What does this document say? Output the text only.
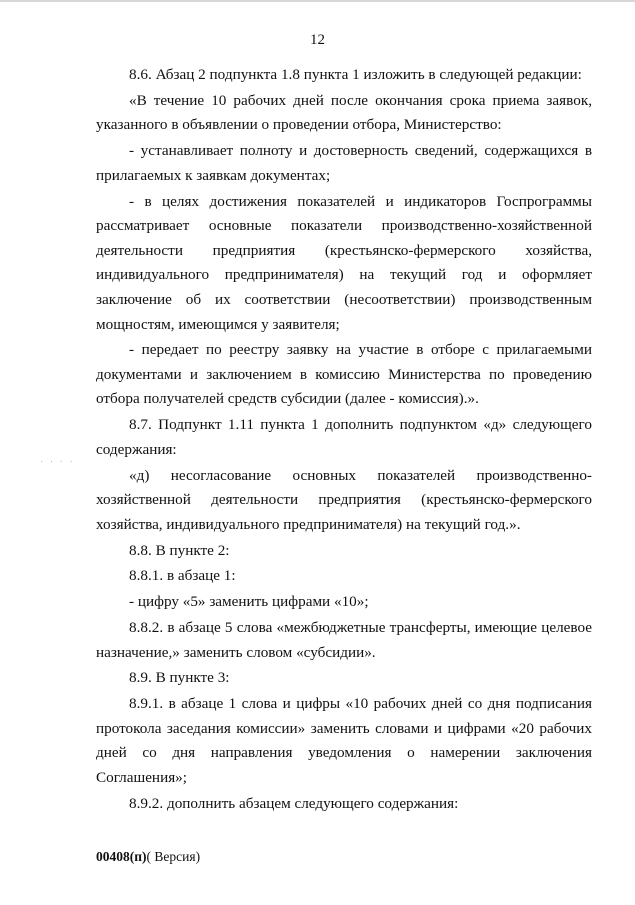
12
· · · ·

8.6. Абзац 2 подпункта 1.8 пункта 1 изложить в следующей редакции:

«В течение 10 рабочих дней после окончания срока приема заявок, указанного в объявлении о проведении отбора, Министерство:

- устанавливает полноту и достоверность сведений, содержащихся в прилагаемых к заявкам документах;

- в целях достижения показателей и индикаторов Госпрограммы рассматривает основные показатели производственно-хозяйственной деятельности предприятия (крестьянско-фермерского хозяйства, индивидуального предпринимателя) на текущий год и оформляет заключение об их соответствии (несоответствии) производственным мощностям, имеющимся у заявителя;

- передает по реестру заявку на участие в отборе с прилагаемыми документами и заключением в комиссию Министерства по проведению отбора получателей средств субсидии (далее - комиссия).».

8.7. Подпункт 1.11 пункта 1 дополнить подпунктом «д» следующего содержания:

«д) несогласование основных показателей производственно-хозяйственной деятельности предприятия (крестьянско-фермерского хозяйства, индивидуального предпринимателя) на текущий год.».

8.8. В пункте 2:

8.8.1. в абзаце 1:

- цифру «5» заменить цифрами «10»;

8.8.2. в абзаце 5 слова «межбюджетные трансферты, имеющие целевое назначение,» заменить словом «субсидии».

8.9. В пункте 3:

8.9.1. в абзаце 1 слова и цифры «10 рабочих дней со дня подписания протокола заседания комиссии» заменить словами и цифрами «20 рабочих дней со дня направления уведомления о намерении заключения Соглашения»;

8.9.2. дополнить абзацем следующего содержания:

00408(п)( Версия)
